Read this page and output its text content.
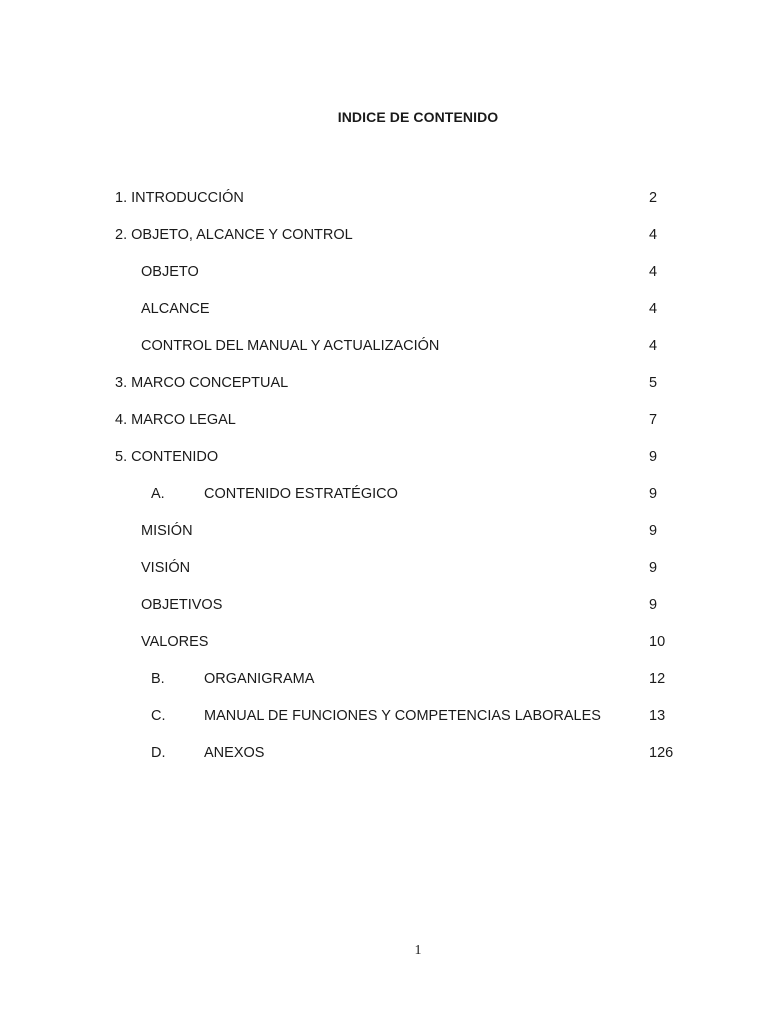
INDICE DE CONTENIDO
1. INTRODUCCIÓN	2
2. OBJETO, ALCANCE Y CONTROL	4
OBJETO	4
ALCANCE	4
CONTROL DEL MANUAL Y ACTUALIZACIÓN	4
3. MARCO CONCEPTUAL	5
4. MARCO LEGAL	7
5. CONTENIDO	9
A.	CONTENIDO ESTRATÉGICO	9
MISIÓN	9
VISIÓN	9
OBJETIVOS	9
VALORES	10
B.	ORGANIGRAMA	12
C.	MANUAL DE FUNCIONES Y COMPETENCIAS LABORALES	13
D.	ANEXOS	126
1
